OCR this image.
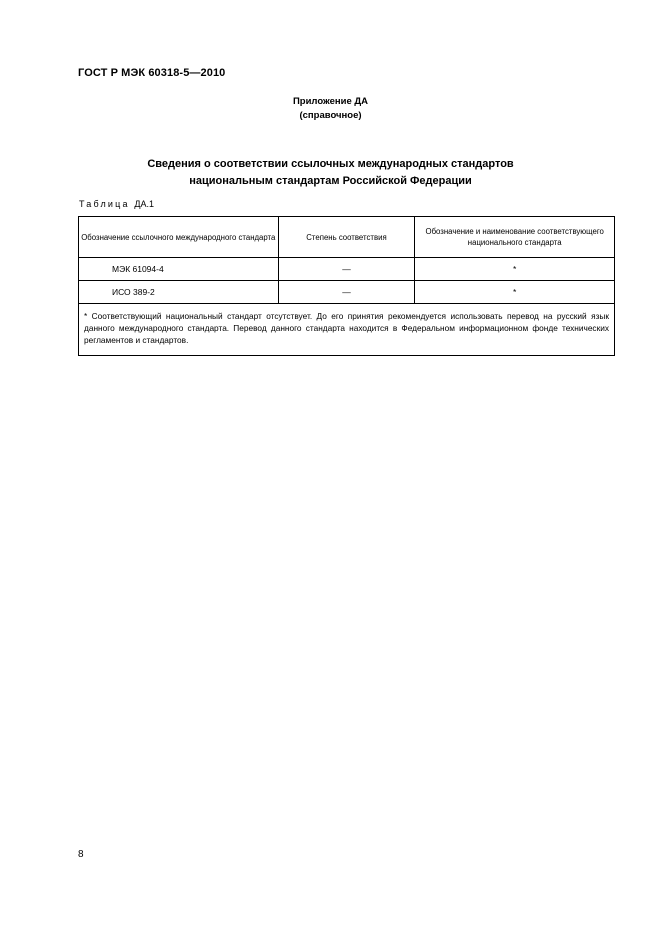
ГОСТ Р МЭК 60318-5—2010
Приложение ДА
(справочное)
Сведения о соответствии ссылочных международных стандартов
национальным стандартам Российской Федерации
Таблица ДА.1
Обозначение ссылочного международного стандарта	Степень соответствия	Обозначение и наименование соответствующего национального стандарта
МЭК 61094-4	—	*
ИСО 389-2	—	*
* Соответствующий национальный стандарт отсутствует. До его принятия рекомендуется использовать перевод на русский язык данного международного стандарта. Перевод данного стандарта находится в Федеральном информационном фонде технических регламентов и стандартов.		
8
